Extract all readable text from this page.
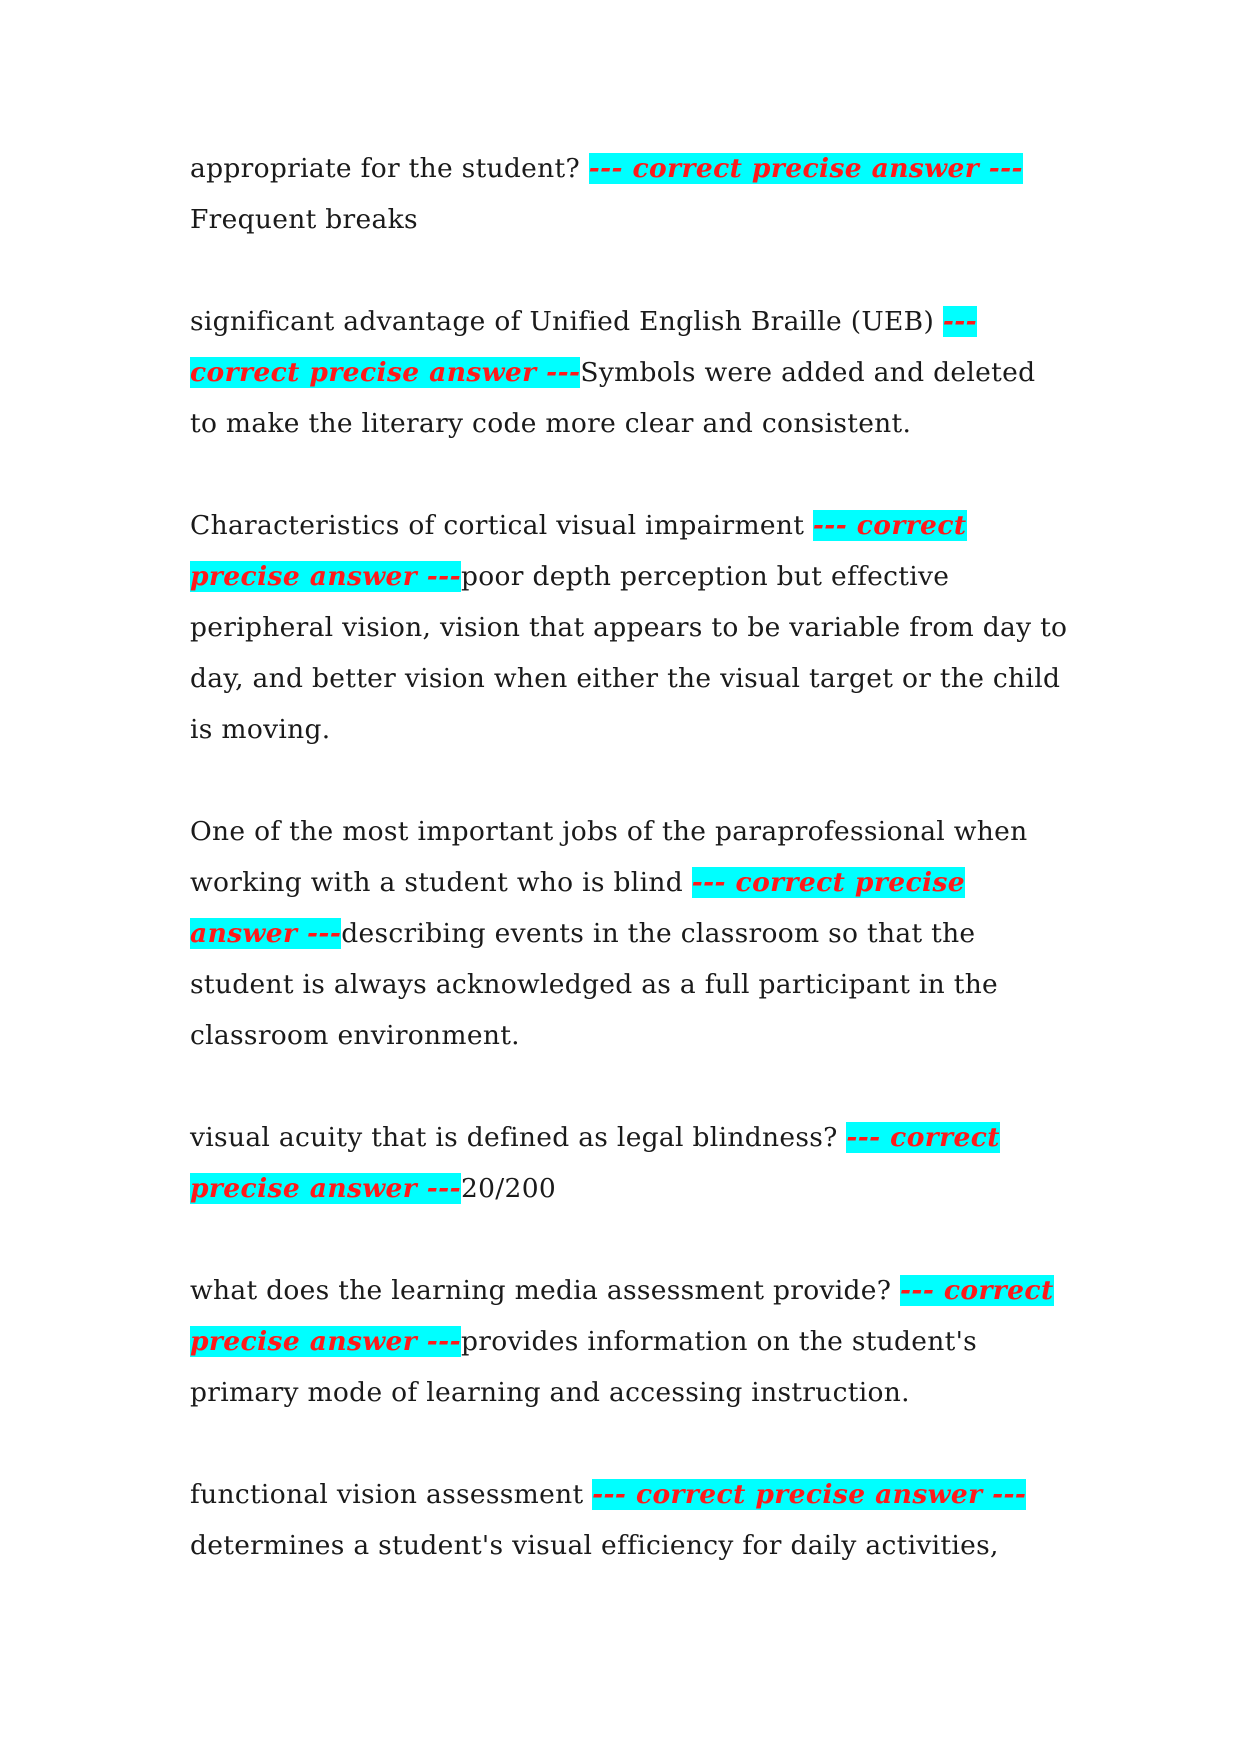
appropriate for the student? --- correct precise answer ---
Frequent breaks

significant advantage of Unified English Braille (UEB) --- correct precise answer ---Symbols were added and deleted to make the literary code more clear and consistent.

Characteristics of cortical visual impairment --- correct precise answer ---poor depth perception but effective peripheral vision, vision that appears to be variable from day to day, and better vision when either the visual target or the child is moving.

One of the most important jobs of the paraprofessional when working with a student who is blind --- correct precise answer ---describing events in the classroom so that the student is always acknowledged as a full participant in the classroom environment.

visual acuity that is defined as legal blindness? --- correct precise answer ---20/200

what does the learning media assessment provide? --- correct precise answer ---provides information on the student's primary mode of learning and accessing instruction.

functional vision assessment --- correct precise answer ---
determines a student's visual efficiency for daily activities,
